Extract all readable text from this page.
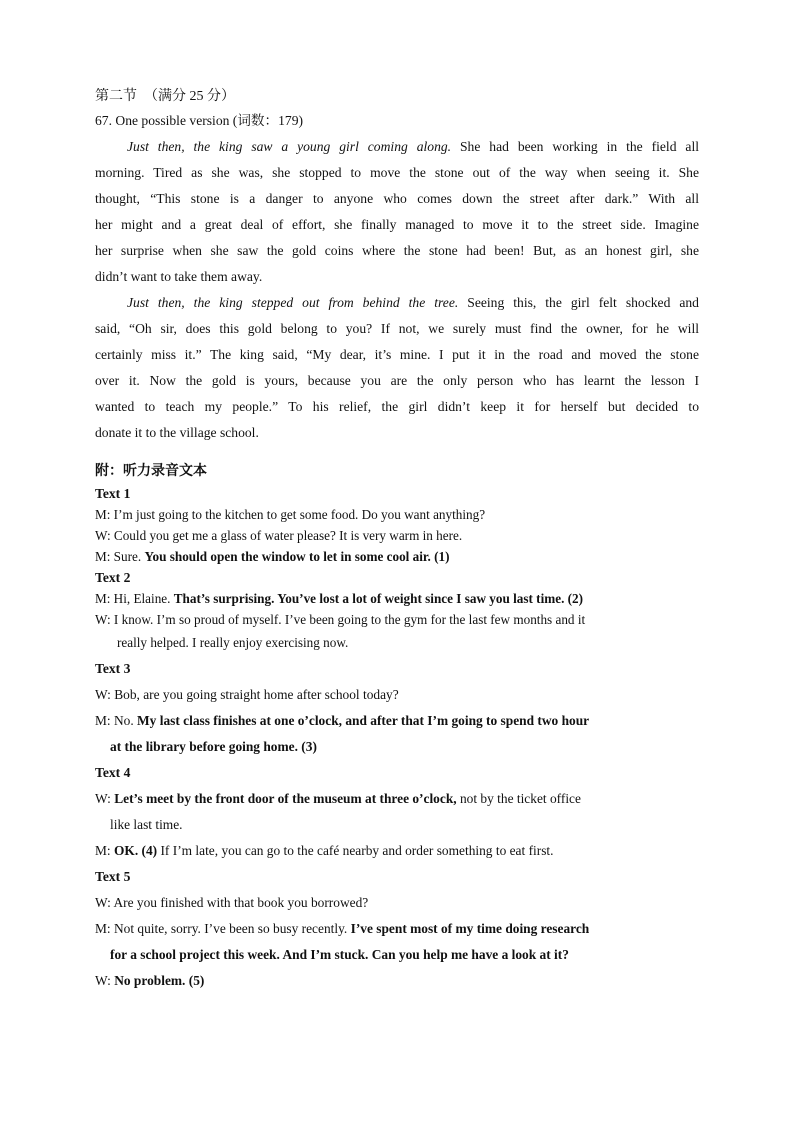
第二节　（满分 25 分）
67. One possible version (词数：179)
Just then, the king saw a young girl coming along. She had been working in the field all
morning. Tired as she was, she stopped to move the stone out of the way when seeing it. She
thought, “This stone is a danger to anyone who comes down the street after dark.” With all
her might and a great deal of effort, she finally managed to move it to the street side. Imagine
her surprise when she saw the gold coins where the stone had been! But, as an honest girl, she
didn’t want to take them away.
Just then, the king stepped out from behind the tree. Seeing this, the girl felt shocked and
said, “Oh sir, does this gold belong to you? If not, we surely must find the owner, for he will
certainly miss it.” The king said, “My dear, it’s mine. I put it in the road and moved the stone
over it. Now the gold is yours, because you are the only person who has learnt the lesson I
wanted to teach my people.” To his relief, the girl didn’t keep it for herself but decided to
donate it to the village school.
附：听力录音文本
Text 1
M: I’m just going to the kitchen to get some food. Do you want anything?
W: Could you get me a glass of water please? It is very warm in here.
M: Sure. You should open the window to let in some cool air. (1)
Text 2
M: Hi, Elaine. That’s surprising. You’ve lost a lot of weight since I saw you last time. (2)
W: I know. I’m so proud of myself. I’ve been going to the gym for the last few months and it
really helped. I really enjoy exercising now.
Text 3
W: Bob, are you going straight home after school today?
M: No. My last class finishes at one o’clock, and after that I’m going to spend two hour
at the library before going home. (3)
Text 4
W: Let’s meet by the front door of the museum at three o’clock, not by the ticket office
like last time.
M: OK. (4) If I’m late, you can go to the café nearby and order something to eat first.
Text 5
W: Are you finished with that book you borrowed?
M: Not quite, sorry. I’ve been so busy recently. I’ve spent most of my time doing research
for a school project this week. And I’m stuck. Can you help me have a look at it?
W: No problem. (5)
